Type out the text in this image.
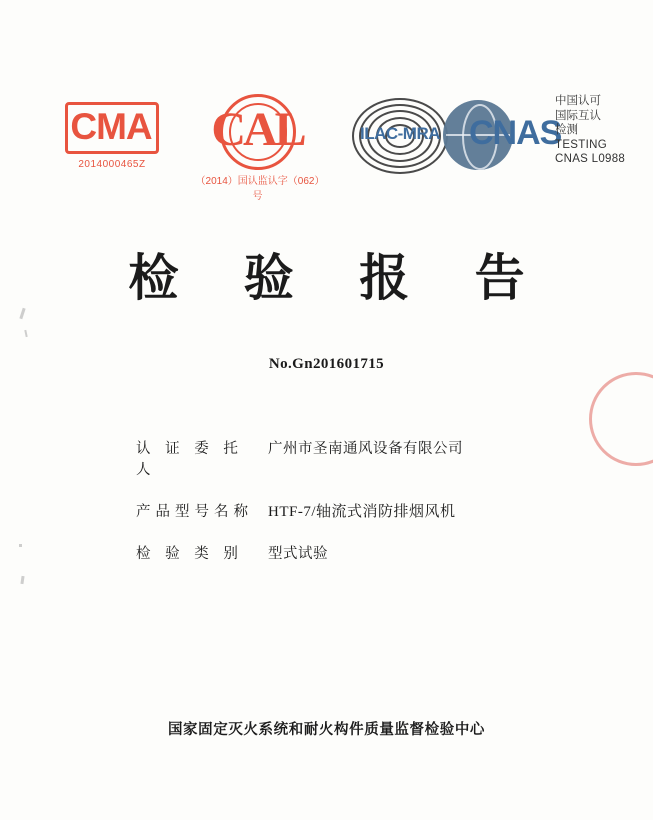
CMA
2014000465Z
CAL
（2014）国认监认字（062）号
ILAC-MRA CNAS
中国认可
国际互认
检测
TESTING
CNAS L0988
检 验 报 告
No.Gn201601715
认 证 委 托 人
广州市圣南通风设备有限公司
产品型号名称	HTF-7/轴流式消防排烟风机
检 验 类 别	型式试验
国家固定灭火系统和耐火构件质量监督检验中心
